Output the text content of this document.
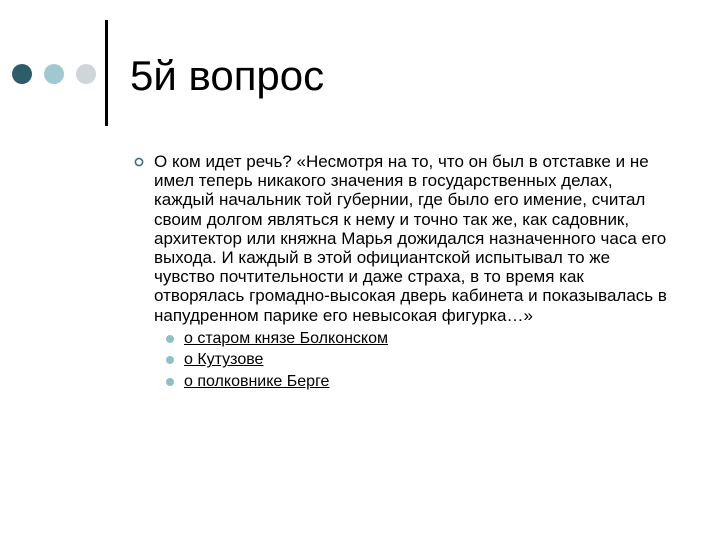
5й вопрос
О ком идет речь? «Несмотря на то, что он был в отставке и не имел теперь никакого значения в государственных делах, каждый начальник той губернии, где было его имение, считал своим долгом являться к нему и точно так же, как садовник, архитектор или княжна Марья дожидался назначенного часа его выхода. И каждый в этой официантской испытывал то же чувство почтительности и даже страха, в то время как отворялась громадно-высокая дверь кабинета и показывалась в напудренном парике его невысокая фигурка…»
о старом князе Болконском
о Кутузове
о полковнике Берге
